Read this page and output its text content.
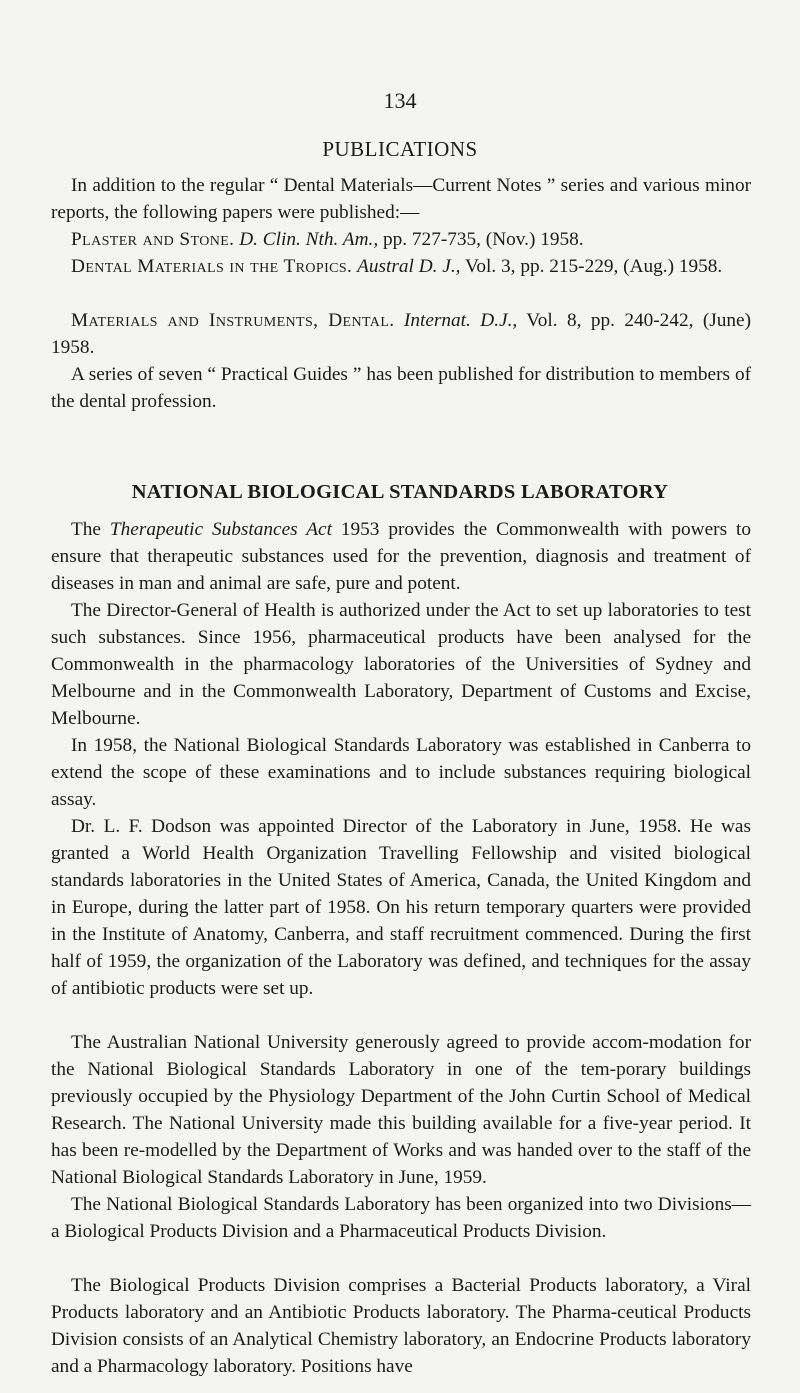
134
PUBLICATIONS

In addition to the regular “ Dental Materials—Current Notes ” series and various minor reports, the following papers were published:—

Plaster and Stone. D. Clin. Nth. Am., pp. 727-735, (Nov.) 1958.

Dental Materials in the Tropics. Austral D. J., Vol. 3, pp. 215-229, (Aug.) 1958.

Materials and Instruments, Dental. Internat. D.J., Vol. 8, pp. 240-242, (June) 1958.

A series of seven “ Practical Guides ” has been published for distribution to members of the dental profession.

NATIONAL BIOLOGICAL STANDARDS LABORATORY

The Therapeutic Substances Act 1953 provides the Commonwealth with powers to ensure that therapeutic substances used for the prevention, diagnosis and treatment of diseases in man and animal are safe, pure and potent.

The Director-General of Health is authorized under the Act to set up laboratories to test such substances. Since 1956, pharmaceutical products have been analysed for the Commonwealth in the pharmacology laboratories of the Universities of Sydney and Melbourne and in the Commonwealth Laboratory, Department of Customs and Excise, Melbourne.

In 1958, the National Biological Standards Laboratory was established in Canberra to extend the scope of these examinations and to include substances requiring biological assay.

Dr. L. F. Dodson was appointed Director of the Laboratory in June, 1958. He was granted a World Health Organization Travelling Fellowship and visited biological standards laboratories in the United States of America, Canada, the United Kingdom and in Europe, during the latter part of 1958. On his return temporary quarters were provided in the Institute of Anatomy, Canberra, and staff recruitment commenced. During the first half of 1959, the organization of the Laboratory was defined, and techniques for the assay of antibiotic products were set up.

The Australian National University generously agreed to provide accom-modation for the National Biological Standards Laboratory in one of the tem-porary buildings previously occupied by the Physiology Department of the John Curtin School of Medical Research. The National University made this building available for a five-year period. It has been re-modelled by the Department of Works and was handed over to the staff of the National Biological Standards Laboratory in June, 1959.

The National Biological Standards Laboratory has been organized into two Divisions—a Biological Products Division and a Pharmaceutical Products Division.

The Biological Products Division comprises a Bacterial Products laboratory, a Viral Products laboratory and an Antibiotic Products laboratory. The Pharma-ceutical Products Division consists of an Analytical Chemistry laboratory, an Endocrine Products laboratory and a Pharmacology laboratory. Positions have
